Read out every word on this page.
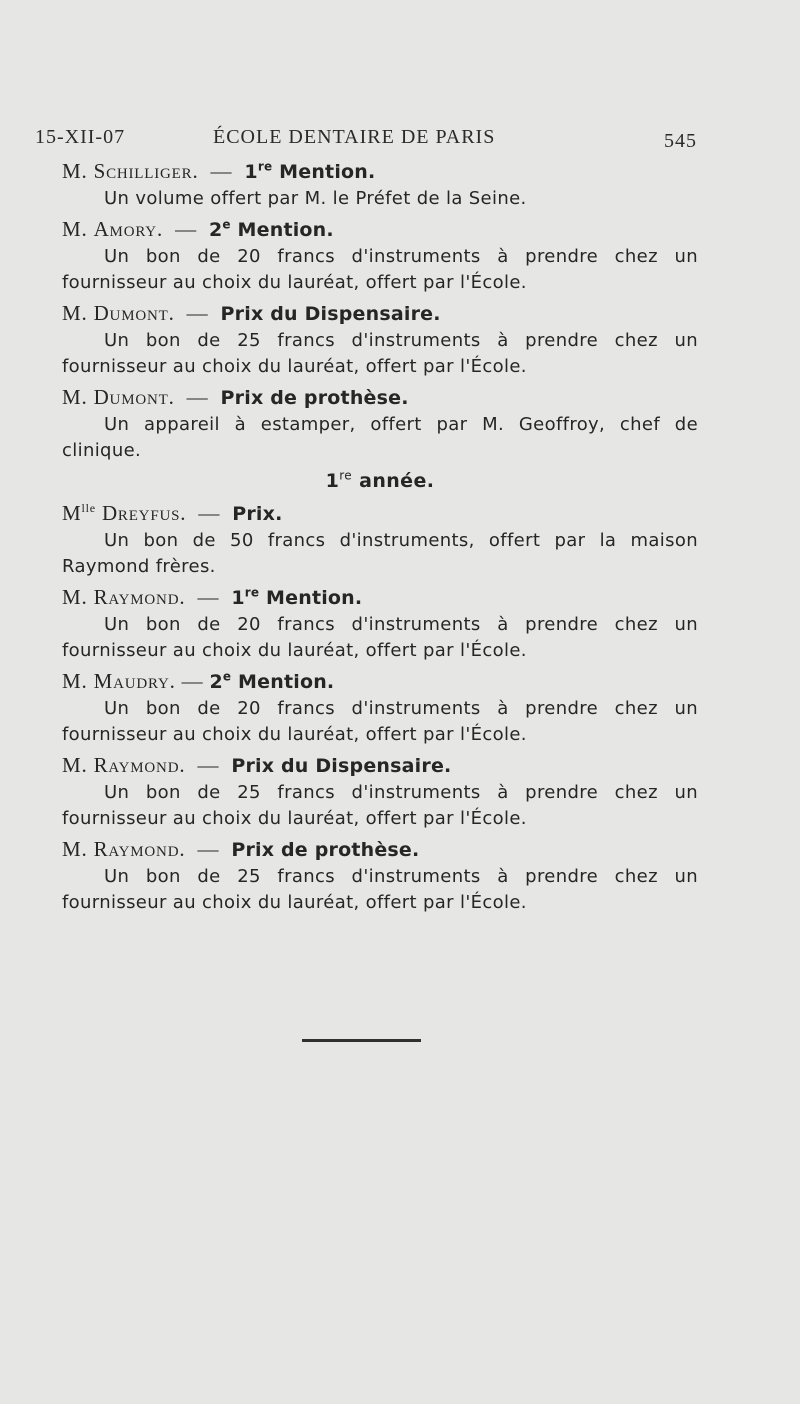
15-XII-07	ÉCOLE DENTAIRE DE PARIS	545
M. Schilliger. — 1re Mention.

Un volume offert par M. le Préfet de la Seine.

M. Amory. — 2e Mention.

Un bon de 20 francs d'instruments à prendre chez un fournisseur au choix du lauréat, offert par l'École.

M. Dumont. — Prix du Dispensaire.

Un bon de 25 francs d'instruments à prendre chez un fournisseur au choix du lauréat, offert par l'École.

M. Dumont. — Prix de prothèse.

Un appareil à estamper, offert par M. Geoffroy, chef de clinique.

1re année.
$M^{lle}$ Dreyfus. — Prix.

Un bon de 50 francs d'instruments, offert par la maison Raymond frères.

M. Raymond. — 1re Mention.

Un bon de 20 francs d'instruments à prendre chez un fournisseur au choix du lauréat, offert par l'École.

M. Maudry. — 2e Mention.

Un bon de 20 francs d'instruments à prendre chez un fournisseur au choix du lauréat, offert par l'École.

M. Raymond. — Prix du Dispensaire.

Un bon de 25 francs d'instruments à prendre chez un fournisseur au choix du lauréat, offert par l'École.

M. Raymond. — Prix de prothèse.

Un bon de 25 francs d'instruments à prendre chez un fournisseur au choix du lauréat, offert par l'École.
